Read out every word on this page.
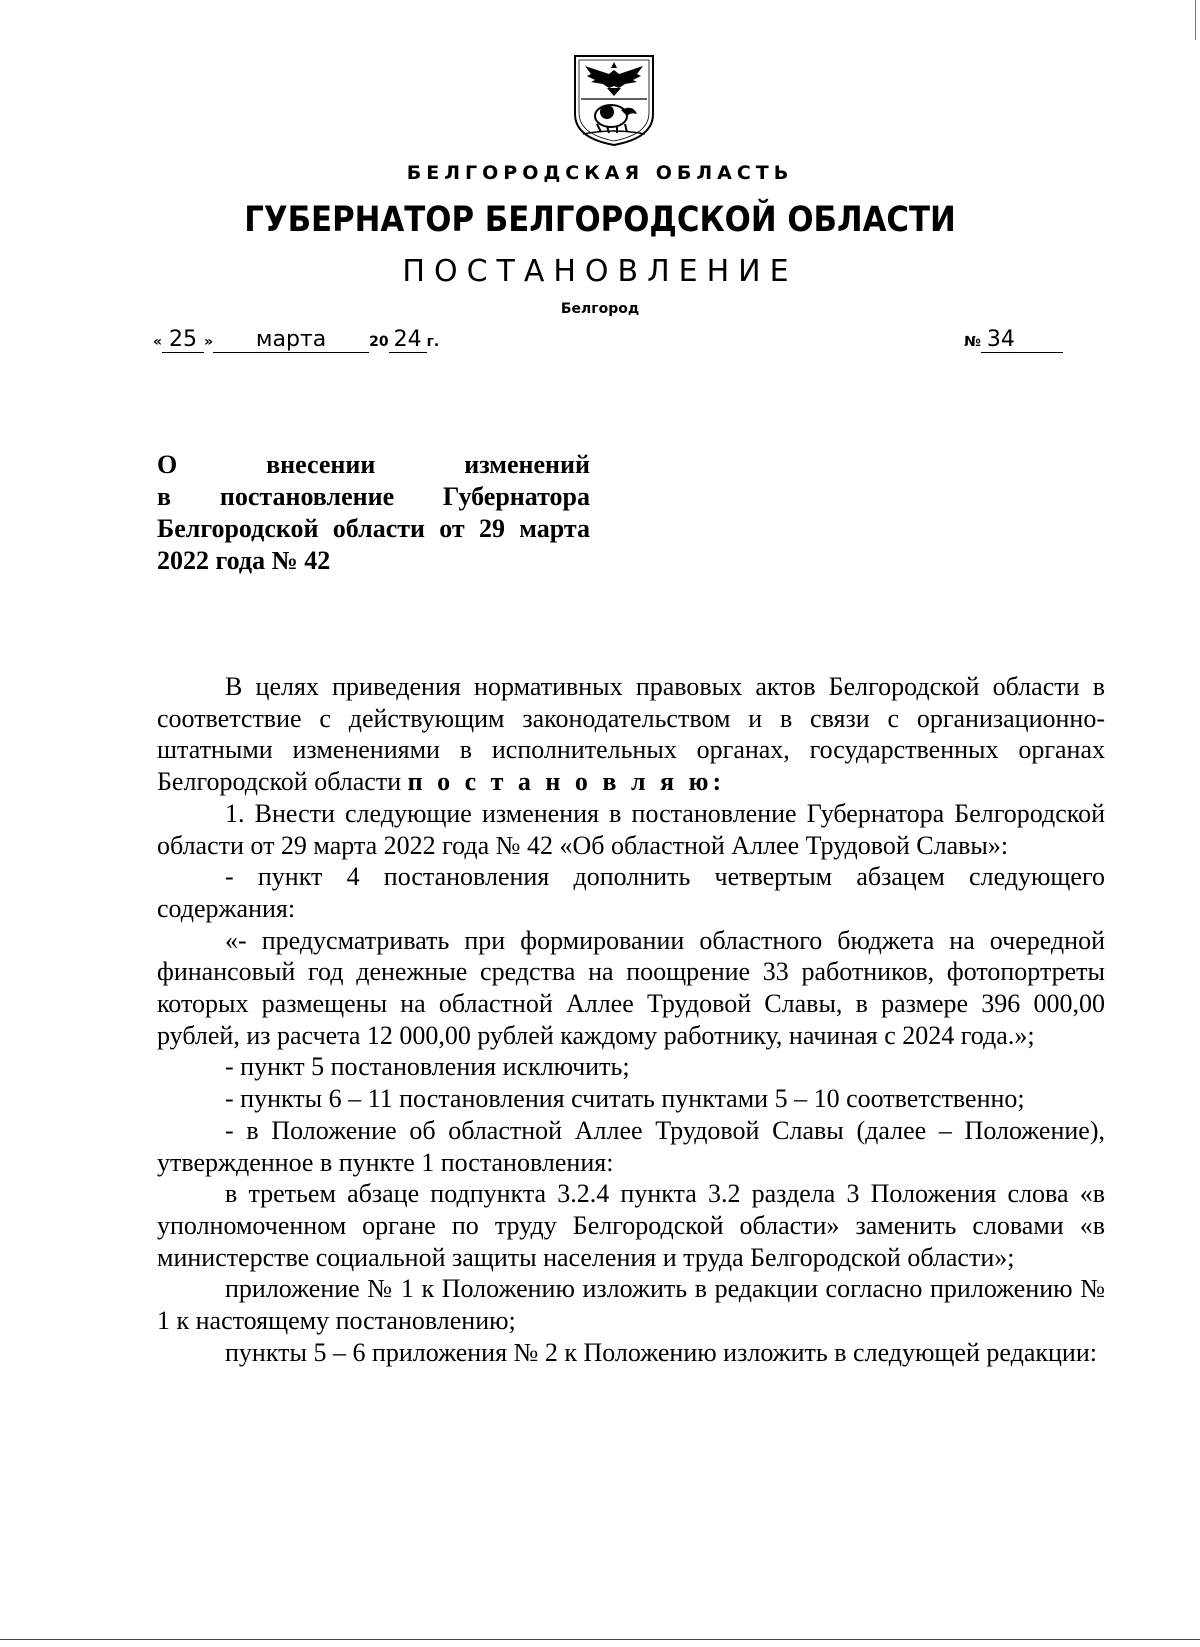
БЕЛГОРОДСКАЯ ОБЛАСТЬ
ГУБЕРНАТОР БЕЛГОРОДСКОЙ ОБЛАСТИ
ПОСТАНОВЛЕНИЕ
Белгород
« 25 » марта	20 24 г.	№ 34
О внесении изменений
в постановление Губернатора
Белгородской области от 29 марта
2022 года № 42

В целях приведения нормативных правовых актов Белгородской области в соответствие с действующим законодательством и в связи с организационно-штатными изменениями в исполнительных органах, государственных органах Белгородской области п о с т а н о в л я ю:

1. Внести следующие изменения в постановление Губернатора Белгородской области от 29 марта 2022 года № 42 «Об областной Аллее Трудовой Славы»:

- пункт 4 постановления дополнить четвертым абзацем следующего содержания:

«- предусматривать при формировании областного бюджета на очередной финансовый год денежные средства на поощрение 33 работников, фотопортреты которых размещены на областной Аллее Трудовой Славы, в размере 396 000,00 рублей, из расчета 12 000,00 рублей каждому работнику, начиная с 2024 года.»;

- пункт 5 постановления исключить;

- пункты 6 – 11 постановления считать пунктами 5 – 10 соответственно;

- в Положение об областной Аллее Трудовой Славы (далее – Положение), утвержденное в пункте 1 постановления:

в третьем абзаце подпункта 3.2.4 пункта 3.2 раздела 3 Положения слова «в уполномоченном органе по труду Белгородской области» заменить словами «в министерстве социальной защиты населения и труда Белгородской области»;

приложение № 1 к Положению изложить в редакции согласно приложению № 1 к настоящему постановлению;

пункты 5 – 6 приложения № 2 к Положению изложить в следующей редакции:
